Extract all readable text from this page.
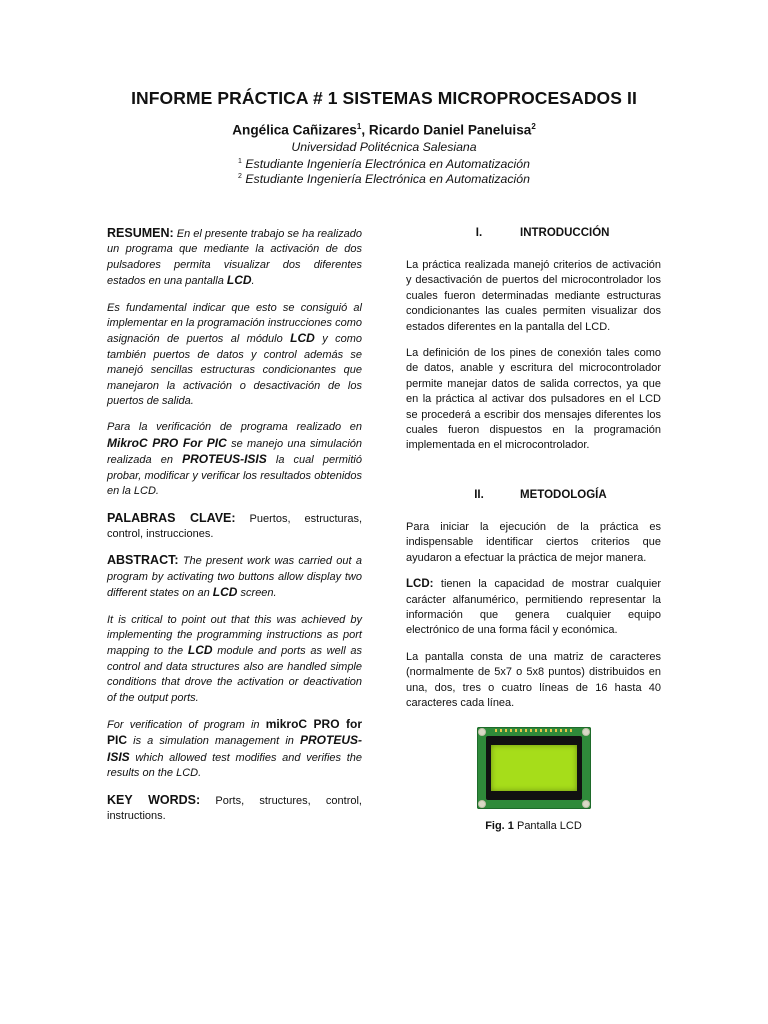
INFORME PRÁCTICA # 1 SISTEMAS MICROPROCESADOS II
Angélica Cañizares$^1$, Ricardo Daniel Paneluisa$^2$
Universidad Politécnica Salesiana
$^1$ Estudiante Ingeniería Electrónica en Automatización
$^2$ Estudiante Ingeniería Electrónica en Automatización

RESUMEN: En el presente trabajo se ha realizado un programa que mediante la activación de dos pulsadores permita visualizar dos diferentes estados en una pantalla LCD.

Es fundamental indicar que esto se consiguió al implementar en la programación instrucciones como asignación de puertos al módulo LCD y como también puertos de datos y control además se manejó sencillas estructuras condicionantes que manejaron la activación o desactivación de los puertos de salida.

Para la verificación de programa realizado en MikroC PRO For PIC se manejo una simulación realizada en PROTEUS-ISIS la cual permitió probar, modificar y verificar los resultados obtenidos en la LCD.

PALABRAS CLAVE: Puertos, estructuras, control, instrucciones.

ABSTRACT: The present work was carried out a program by activating two buttons allow display two different states on an LCD screen.

It is critical to point out that this was achieved by implementing the programming instructions as port mapping to the LCD module and ports as well as control and data structures also are handled simple conditions that drove the activation or deactivation of the output ports.

For verification of program in mikroC PRO for PIC is a simulation management in PROTEUS-ISIS which allowed test modifies and verifies the results on the LCD.

KEY WORDS: Ports, structures, control, instructions.

I.	INTRODUCCIÓN

La práctica realizada manejó criterios de activación y desactivación de puertos del microcontrolador los cuales fueron determinadas mediante estructuras condicionantes las cuales permiten visualizar dos estados diferentes en la pantalla del LCD.

La definición de los pines de conexión tales como de datos, anable y escritura del microcontrolador permite manejar datos de salida correctos, ya que en la práctica al activar dos pulsadores en el LCD se procederá a escribir dos mensajes diferentes los cuales fueron dispuestos en la programación implementada en el microcontrolador.

II.	METODOLOGÍA

Para iniciar la ejecución de la práctica es indispensable identificar ciertos criterios que ayudaron a efectuar la práctica de mejor manera.

LCD: tienen la capacidad de mostrar cualquier carácter alfanumérico, permitiendo representar la información que genera cualquier equipo electrónico de una forma fácil y económica.

La pantalla consta de una matriz de caracteres (normalmente de 5x7 o 5x8 puntos) distribuidos en una, dos, tres o cuatro líneas de 16 hasta 40 caracteres cada línea.

Fig. 1 Pantalla LCD
